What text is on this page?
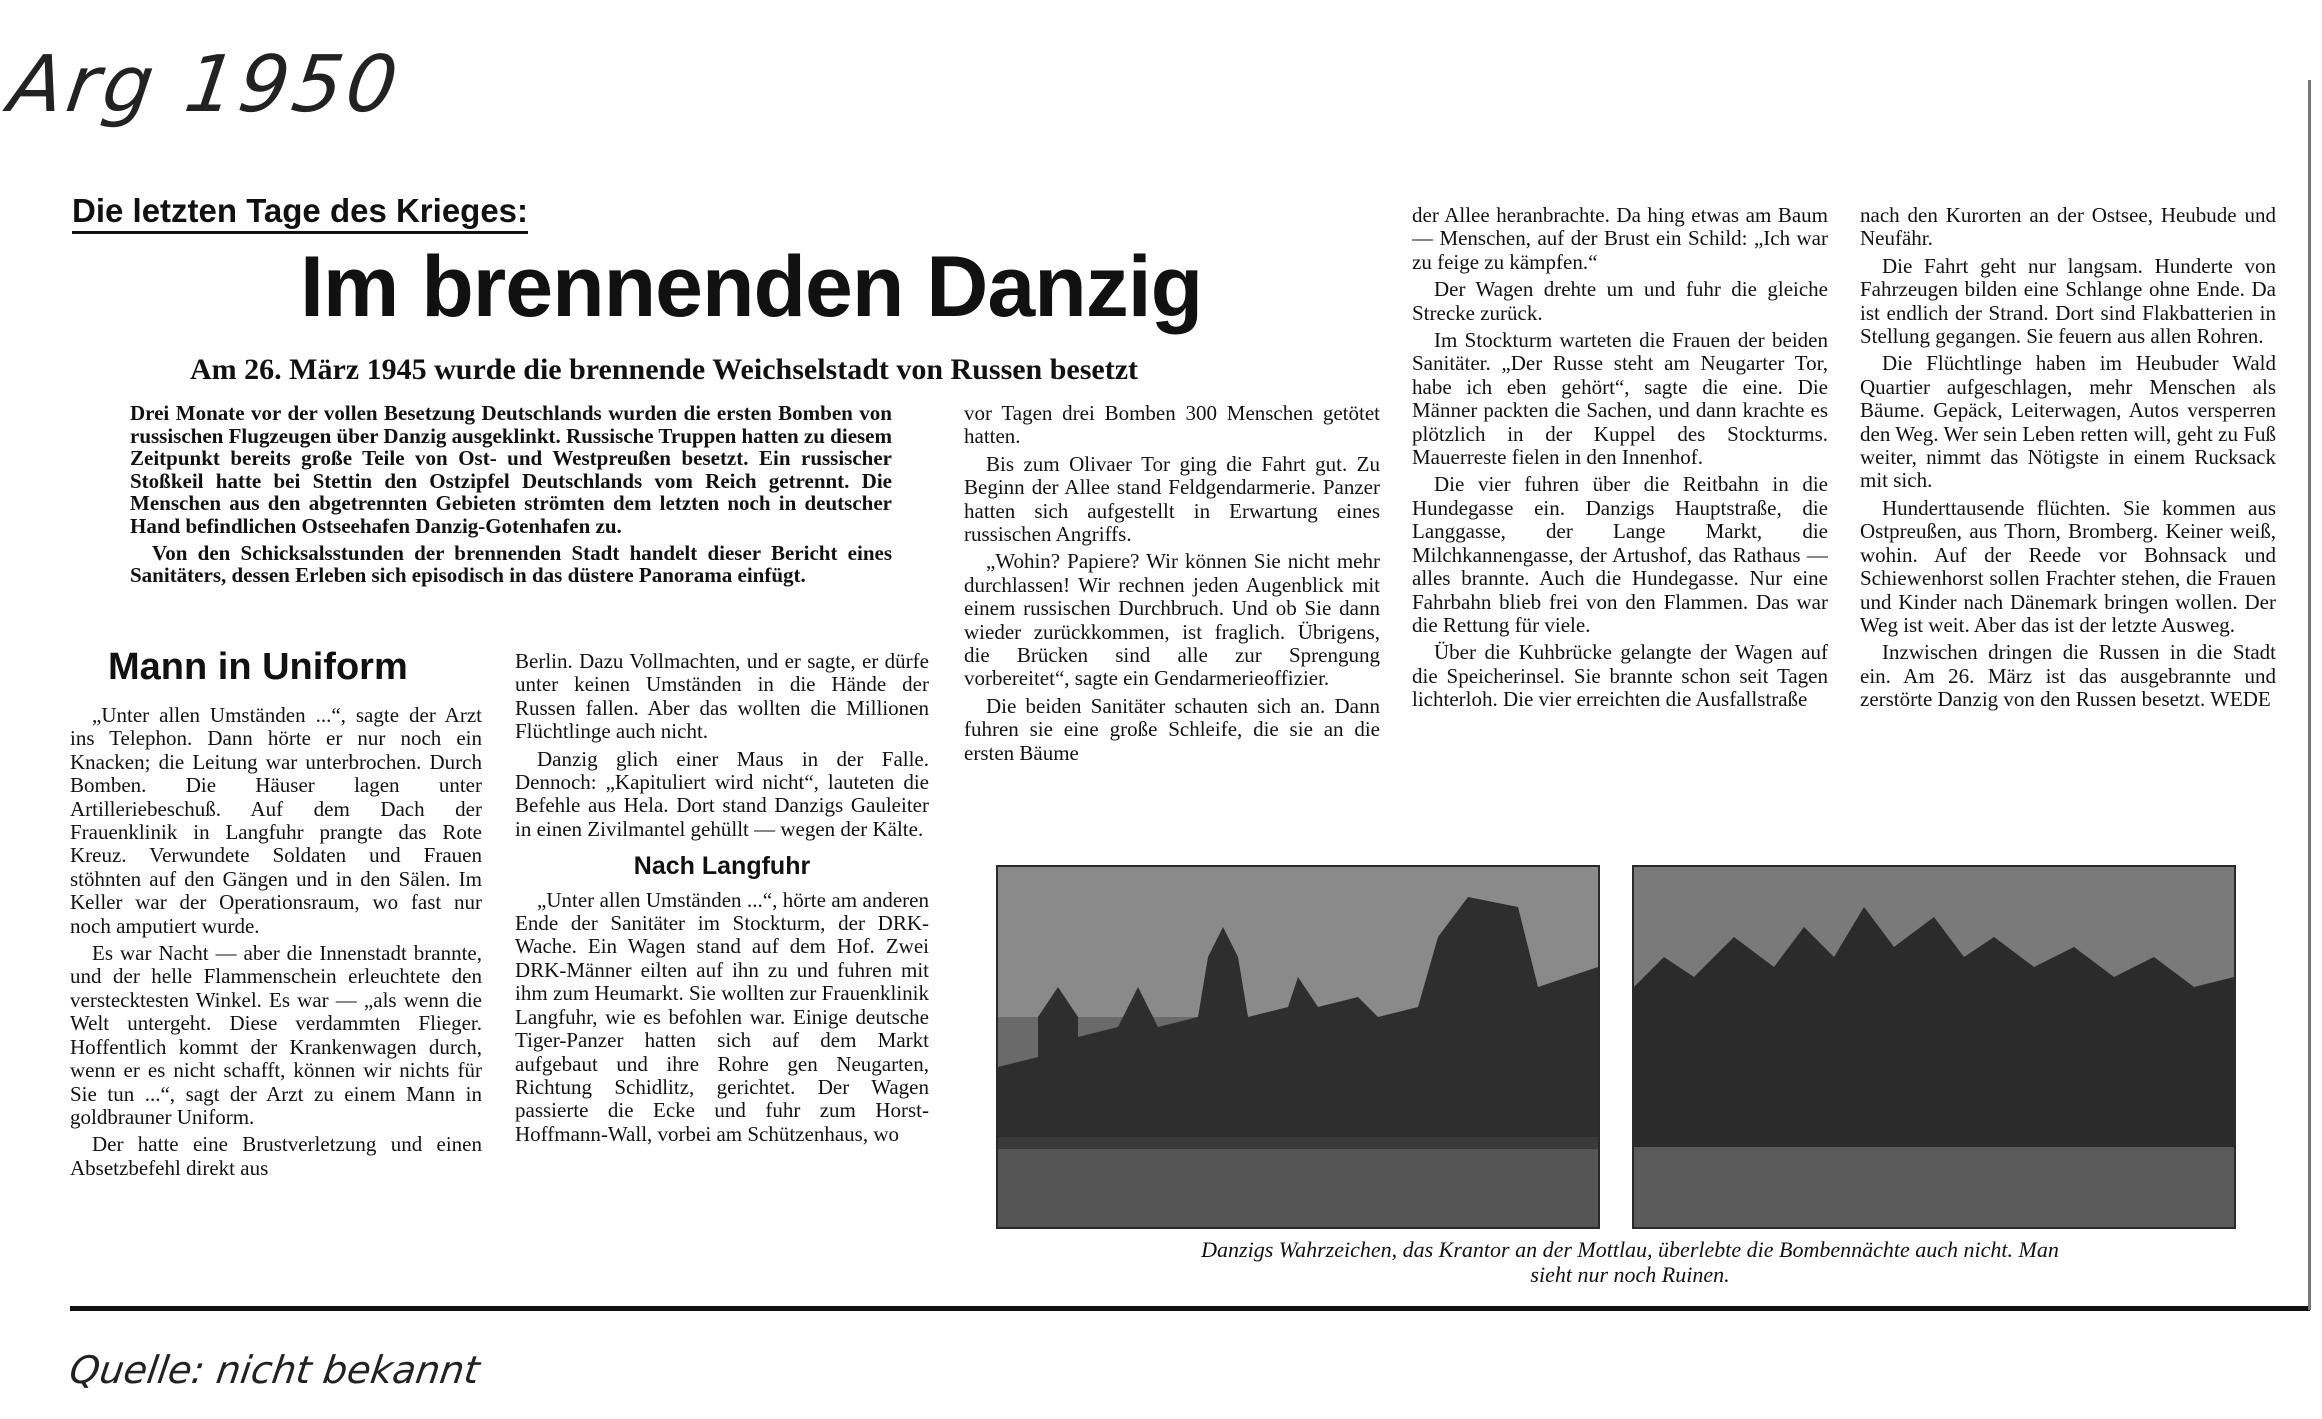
Arg 1950
Die letzten Tage des Krieges:
Im brennenden Danzig
Am 26. März 1945 wurde die brennende Weichselstadt von Russen besetzt

Drei Monate vor der vollen Besetzung Deutschlands wurden die ersten Bomben von russischen Flugzeugen über Danzig ausgeklinkt. Russische Truppen hatten zu diesem Zeitpunkt bereits große Teile von Ost- und Westpreußen besetzt. Ein russischer Stoßkeil hatte bei Stettin den Ostzipfel Deutschlands vom Reich getrennt. Die Menschen aus den abgetrennten Gebieten strömten dem letzten noch in deutscher Hand befindlichen Ostseehafen Danzig-Gotenhafen zu.

Von den Schicksalsstunden der brennenden Stadt handelt dieser Bericht eines Sanitäters, dessen Erleben sich episodisch in das düstere Panorama einfügt.

Mann in Uniform

„Unter allen Umständen ...“, sagte der Arzt ins Telephon. Dann hörte er nur noch ein Knacken; die Leitung war unterbrochen. Durch Bomben. Die Häuser lagen unter Artilleriebeschuß. Auf dem Dach der Frauenklinik in Langfuhr prangte das Rote Kreuz. Verwundete Soldaten und Frauen stöhnten auf den Gängen und in den Sälen. Im Keller war der Operationsraum, wo fast nur noch amputiert wurde.

Es war Nacht — aber die Innenstadt brannte, und der helle Flammenschein erleuchtete den verstecktesten Winkel. Es war — „als wenn die Welt untergeht. Diese verdammten Flieger. Hoffentlich kommt der Krankenwagen durch, wenn er es nicht schafft, können wir nichts für Sie tun ...“, sagt der Arzt zu einem Mann in goldbrauner Uniform.

Der hatte eine Brustverletzung und einen Absetzbefehl direkt aus

Berlin. Dazu Vollmachten, und er sagte, er dürfe unter keinen Umständen in die Hände der Russen fallen. Aber das wollten die Millionen Flüchtlinge auch nicht.

Danzig glich einer Maus in der Falle. Dennoch: „Kapituliert wird nicht“, lauteten die Befehle aus Hela. Dort stand Danzigs Gauleiter in einen Zivilmantel gehüllt — wegen der Kälte.

Nach Langfuhr

„Unter allen Umständen ...“, hörte am anderen Ende der Sanitäter im Stockturm, der DRK-Wache. Ein Wagen stand auf dem Hof. Zwei DRK-Männer eilten auf ihn zu und fuhren mit ihm zum Heumarkt. Sie wollten zur Frauenklinik Langfuhr, wie es befohlen war. Einige deutsche Tiger-Panzer hatten sich auf dem Markt aufgebaut und ihre Rohre gen Neugarten, Richtung Schidlitz, gerichtet. Der Wagen passierte die Ecke und fuhr zum Horst-Hoffmann-Wall, vorbei am Schützenhaus, wo

vor Tagen drei Bomben 300 Menschen getötet hatten.

Bis zum Olivaer Tor ging die Fahrt gut. Zu Beginn der Allee stand Feldgendarmerie. Panzer hatten sich aufgestellt in Erwartung eines russischen Angriffs.

„Wohin? Papiere? Wir können Sie nicht mehr durchlassen! Wir rechnen jeden Augenblick mit einem russischen Durchbruch. Und ob Sie dann wieder zurückkommen, ist fraglich. Übrigens, die Brücken sind alle zur Sprengung vorbereitet“, sagte ein Gendarmerieoffizier.

Die beiden Sanitäter schauten sich an. Dann fuhren sie eine große Schleife, die sie an die ersten Bäume

der Allee heranbrachte. Da hing etwas am Baum — Menschen, auf der Brust ein Schild: „Ich war zu feige zu kämpfen.“

Der Wagen drehte um und fuhr die gleiche Strecke zurück.

Im Stockturm warteten die Frauen der beiden Sanitäter. „Der Russe steht am Neugarter Tor, habe ich eben gehört“, sagte die eine. Die Männer packten die Sachen, und dann krachte es plötzlich in der Kuppel des Stockturms. Mauerreste fielen in den Innenhof.

Die vier fuhren über die Reitbahn in die Hundegasse ein. Danzigs Hauptstraße, die Langgasse, der Lange Markt, die Milchkannengasse, der Artushof, das Rathaus — alles brannte. Auch die Hundegasse. Nur eine Fahrbahn blieb frei von den Flammen. Das war die Rettung für viele.

Über die Kuhbrücke gelangte der Wagen auf die Speicherinsel. Sie brannte schon seit Tagen lichterloh. Die vier erreichten die Ausfallstraße

nach den Kurorten an der Ostsee, Heubude und Neufähr.

Die Fahrt geht nur langsam. Hunderte von Fahrzeugen bilden eine Schlange ohne Ende. Da ist endlich der Strand. Dort sind Flakbatterien in Stellung gegangen. Sie feuern aus allen Rohren.

Die Flüchtlinge haben im Heubuder Wald Quartier aufgeschlagen, mehr Menschen als Bäume. Gepäck, Leiterwagen, Autos versperren den Weg. Wer sein Leben retten will, geht zu Fuß weiter, nimmt das Nötigste in einem Rucksack mit sich.

Hunderttausende flüchten. Sie kommen aus Ostpreußen, aus Thorn, Bromberg. Keiner weiß, wohin. Auf der Reede vor Bohnsack und Schiewenhorst sollen Frachter stehen, die Frauen und Kinder nach Dänemark bringen wollen. Der Weg ist weit. Aber das ist der letzte Ausweg.

Inzwischen dringen die Russen in die Stadt ein. Am 26. März ist das ausgebrannte und zerstörte Danzig von den Russen besetzt. WEDE

Danzigs Wahrzeichen, das Krantor an der Mottlau, überlebte die Bombennächte auch nicht. Man sieht nur noch Ruinen.
Quelle: nicht bekannt
